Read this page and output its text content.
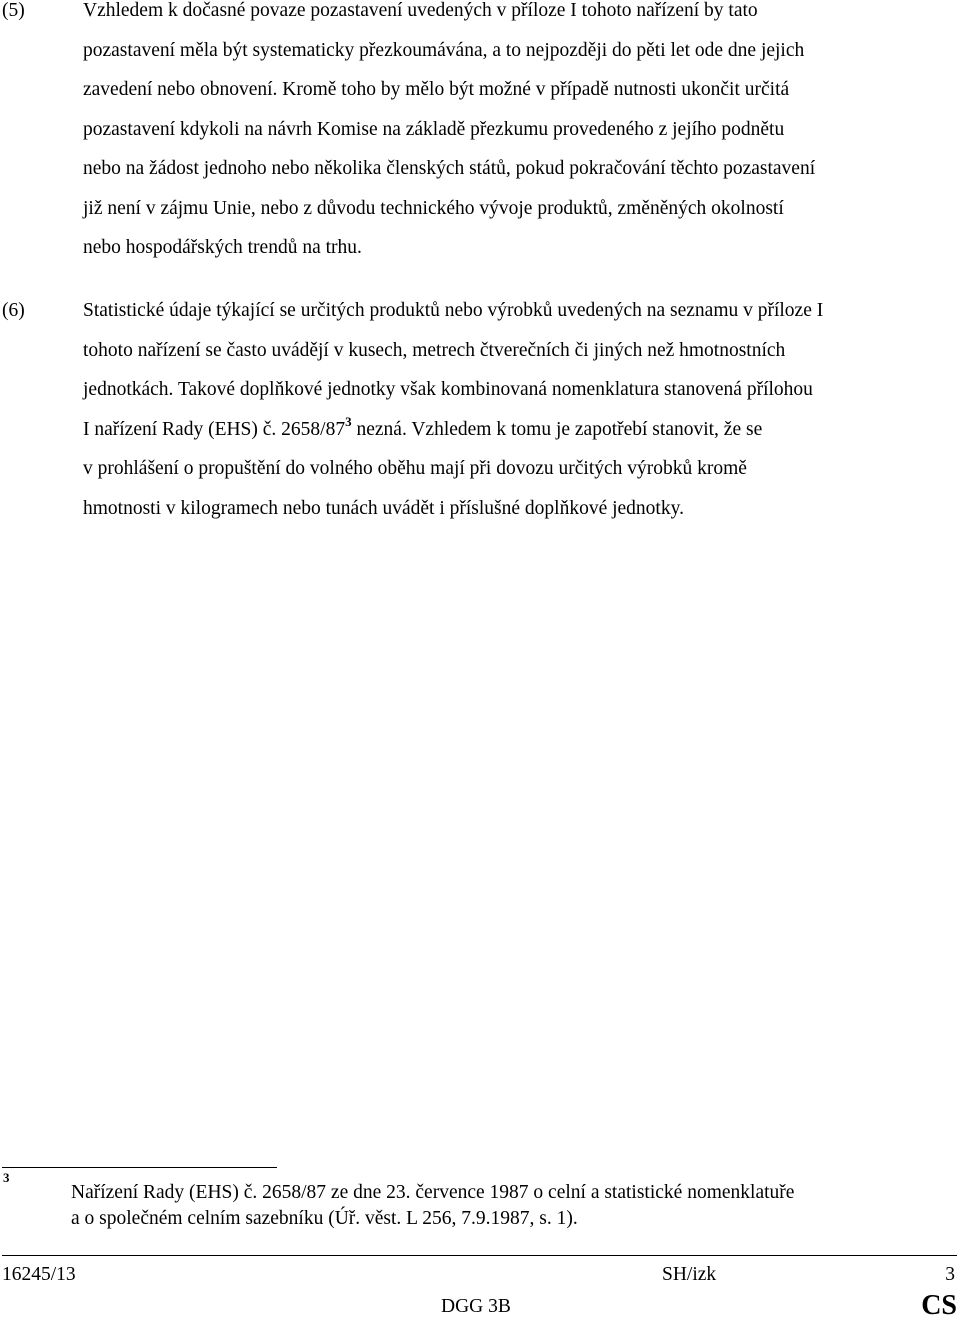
(5)	Vzhledem k dočasné povaze pozastavení uvedených v příloze I tohoto nařízení by tato
pozastavení měla být systematicky přezkoumávána, a to nejpozději do pěti let ode dne jejich
zavedení nebo obnovení. Kromě toho by mělo být možné v případě nutnosti ukončit určitá
pozastavení kdykoli na návrh Komise na základě přezkumu provedeného z jejího podnětu
nebo na žádost jednoho nebo několika členských států, pokud pokračování těchto pozastavení
již není v zájmu Unie, nebo z důvodu technického vývoje produktů, změněných okolností
nebo hospodářských trendů na trhu.
(6)	Statistické údaje týkající se určitých produktů nebo výrobků uvedených na seznamu v příloze I
tohoto nařízení se často uvádějí v kusech, metrech čtverečních či jiných než hmotnostních
jednotkách. Takové doplňkové jednotky však kombinovaná nomenklatura stanovená přílohou
I nařízení Rady (EHS) č. 2658/87$^3$ nezná. Vzhledem k tomu je zapotřebí stanovit, že se
v prohlášení o propuštění do volného oběhu mají při dovozu určitých výrobků kromě
hmotnosti v kilogramech nebo tunách uvádět i příslušné doplňkové jednotky.
3
Nařízení Rady (EHS) č. 2658/87 ze dne 23. července 1987 o celní a statistické nomenklatuře
a o společném celním sazebníku (Úř. věst. L 256, 7.9.1987, s. 1).
16245/13	SH/izk	3
DGG 3B	CS
